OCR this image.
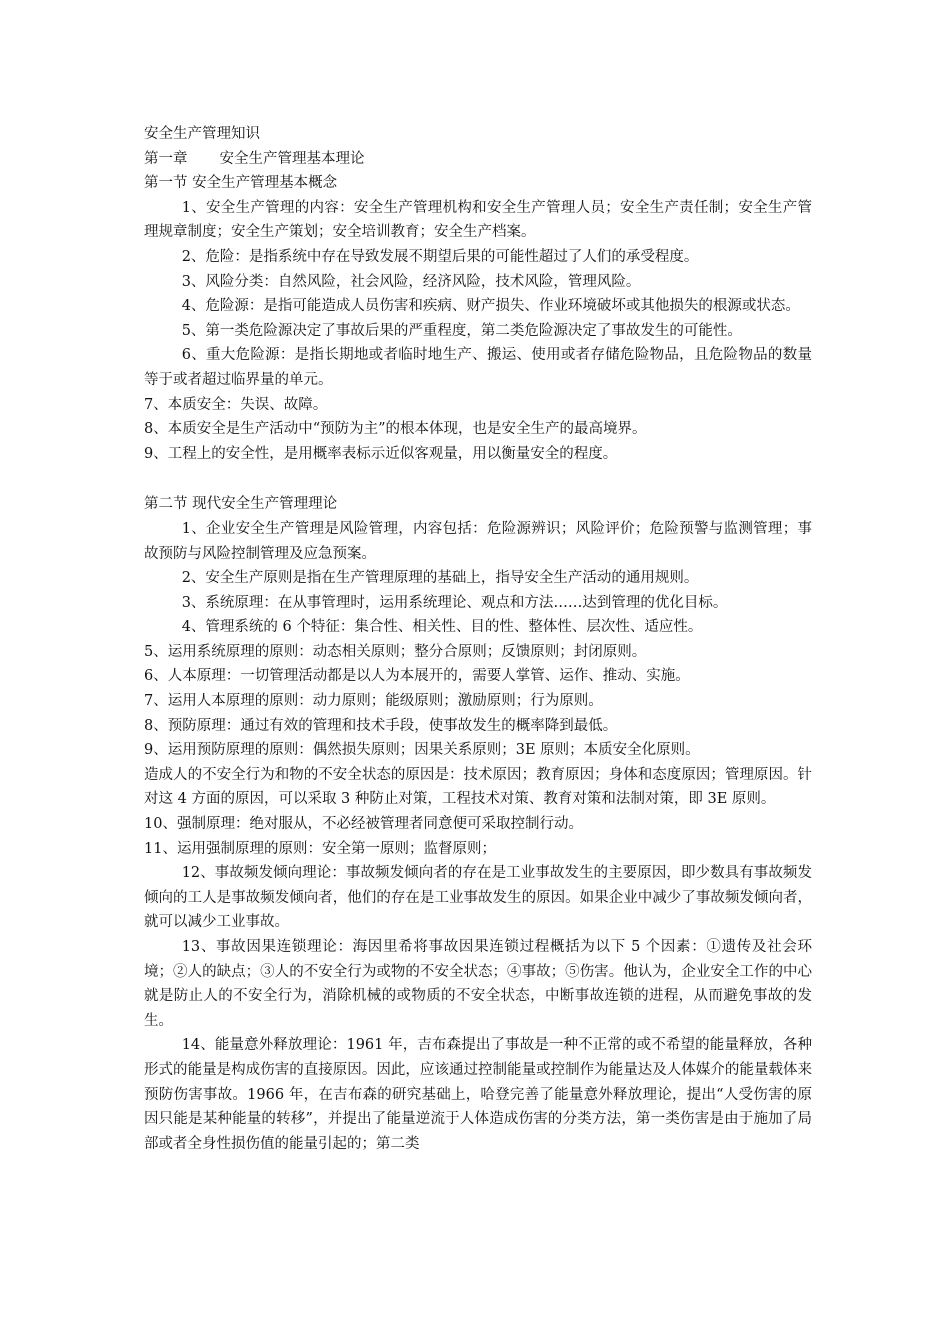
安全生产管理知识
第一章 安全生产管理基本理论
第一节 安全生产管理基本概念

1、安全生产管理的内容：安全生产管理机构和安全生产管理人员；安全生产责任制；安全生产管理规章制度；安全生产策划；安全培训教育；安全生产档案。

2、危险：是指系统中存在导致发展不期望后果的可能性超过了人们的承受程度。

3、风险分类：自然风险，社会风险，经济风险，技术风险，管理风险。

4、危险源：是指可能造成人员伤害和疾病、财产损失、作业环境破坏或其他损失的根源或状态。

5、第一类危险源决定了事故后果的严重程度，第二类危险源决定了事故发生的可能性。

6、重大危险源：是指长期地或者临时地生产、搬运、使用或者存储危险物品，且危险物品的数量等于或者超过临界量的单元。

7、本质安全：失误、故障。

8、本质安全是生产活动中“预防为主”的根本体现，也是安全生产的最高境界。

9、工程上的安全性，是用概率表标示近似客观量，用以衡量安全的程度。

第二节 现代安全生产管理理论

1、企业安全生产管理是风险管理，内容包括：危险源辨识；风险评价；危险预警与监测管理；事故预防与风险控制管理及应急预案。

2、安全生产原则是指在生产管理原理的基础上，指导安全生产活动的通用规则。

3、系统原理：在从事管理时，运用系统理论、观点和方法……达到管理的优化目标。

4、管理系统的 6 个特征：集合性、相关性、目的性、整体性、层次性、适应性。

5、运用系统原理的原则：动态相关原则；整分合原则；反馈原则；封闭原则。

6、人本原理：一切管理活动都是以人为本展开的，需要人掌管、运作、推动、实施。

7、运用人本原理的原则：动力原则；能级原则；激励原则；行为原则。

8、预防原理：通过有效的管理和技术手段，使事故发生的概率降到最低。

9、运用预防原理的原则：偶然损失原则；因果关系原则；3E 原则；本质安全化原则。

造成人的不安全行为和物的不安全状态的原因是：技术原因；教育原因；身体和态度原因；管理原因。针对这 4 方面的原因，可以采取 3 种防止对策，工程技术对策、教育对策和法制对策，即 3E 原则。

10、强制原理：绝对服从，不必经被管理者同意便可采取控制行动。

11、运用强制原理的原则：安全第一原则；监督原则；

12、事故频发倾向理论：事故频发倾向者的存在是工业事故发生的主要原因，即少数具有事故频发倾向的工人是事故频发倾向者，他们的存在是工业事故发生的原因。如果企业中减少了事故频发倾向者，就可以减少工业事故。

13、事故因果连锁理论：海因里希将事故因果连锁过程概括为以下 5 个因素：①遗传及社会环境；②人的缺点；③人的不安全行为或物的不安全状态；④事故；⑤伤害。他认为，企业安全工作的中心就是防止人的不安全行为，消除机械的或物质的不安全状态，中断事故连锁的进程，从而避免事故的发生。

14、能量意外释放理论：1961 年，吉布森提出了事故是一种不正常的或不希望的能量释放，各种形式的能量是构成伤害的直接原因。因此，应该通过控制能量或控制作为能量达及人体媒介的能量载体来预防伤害事故。1966 年，在吉布森的研究基础上，哈登完善了能量意外释放理论，提出“人受伤害的原因只能是某种能量的转移”，并提出了能量逆流于人体造成伤害的分类方法，第一类伤害是由于施加了局部或者全身性损伤值的能量引起的；第二类
